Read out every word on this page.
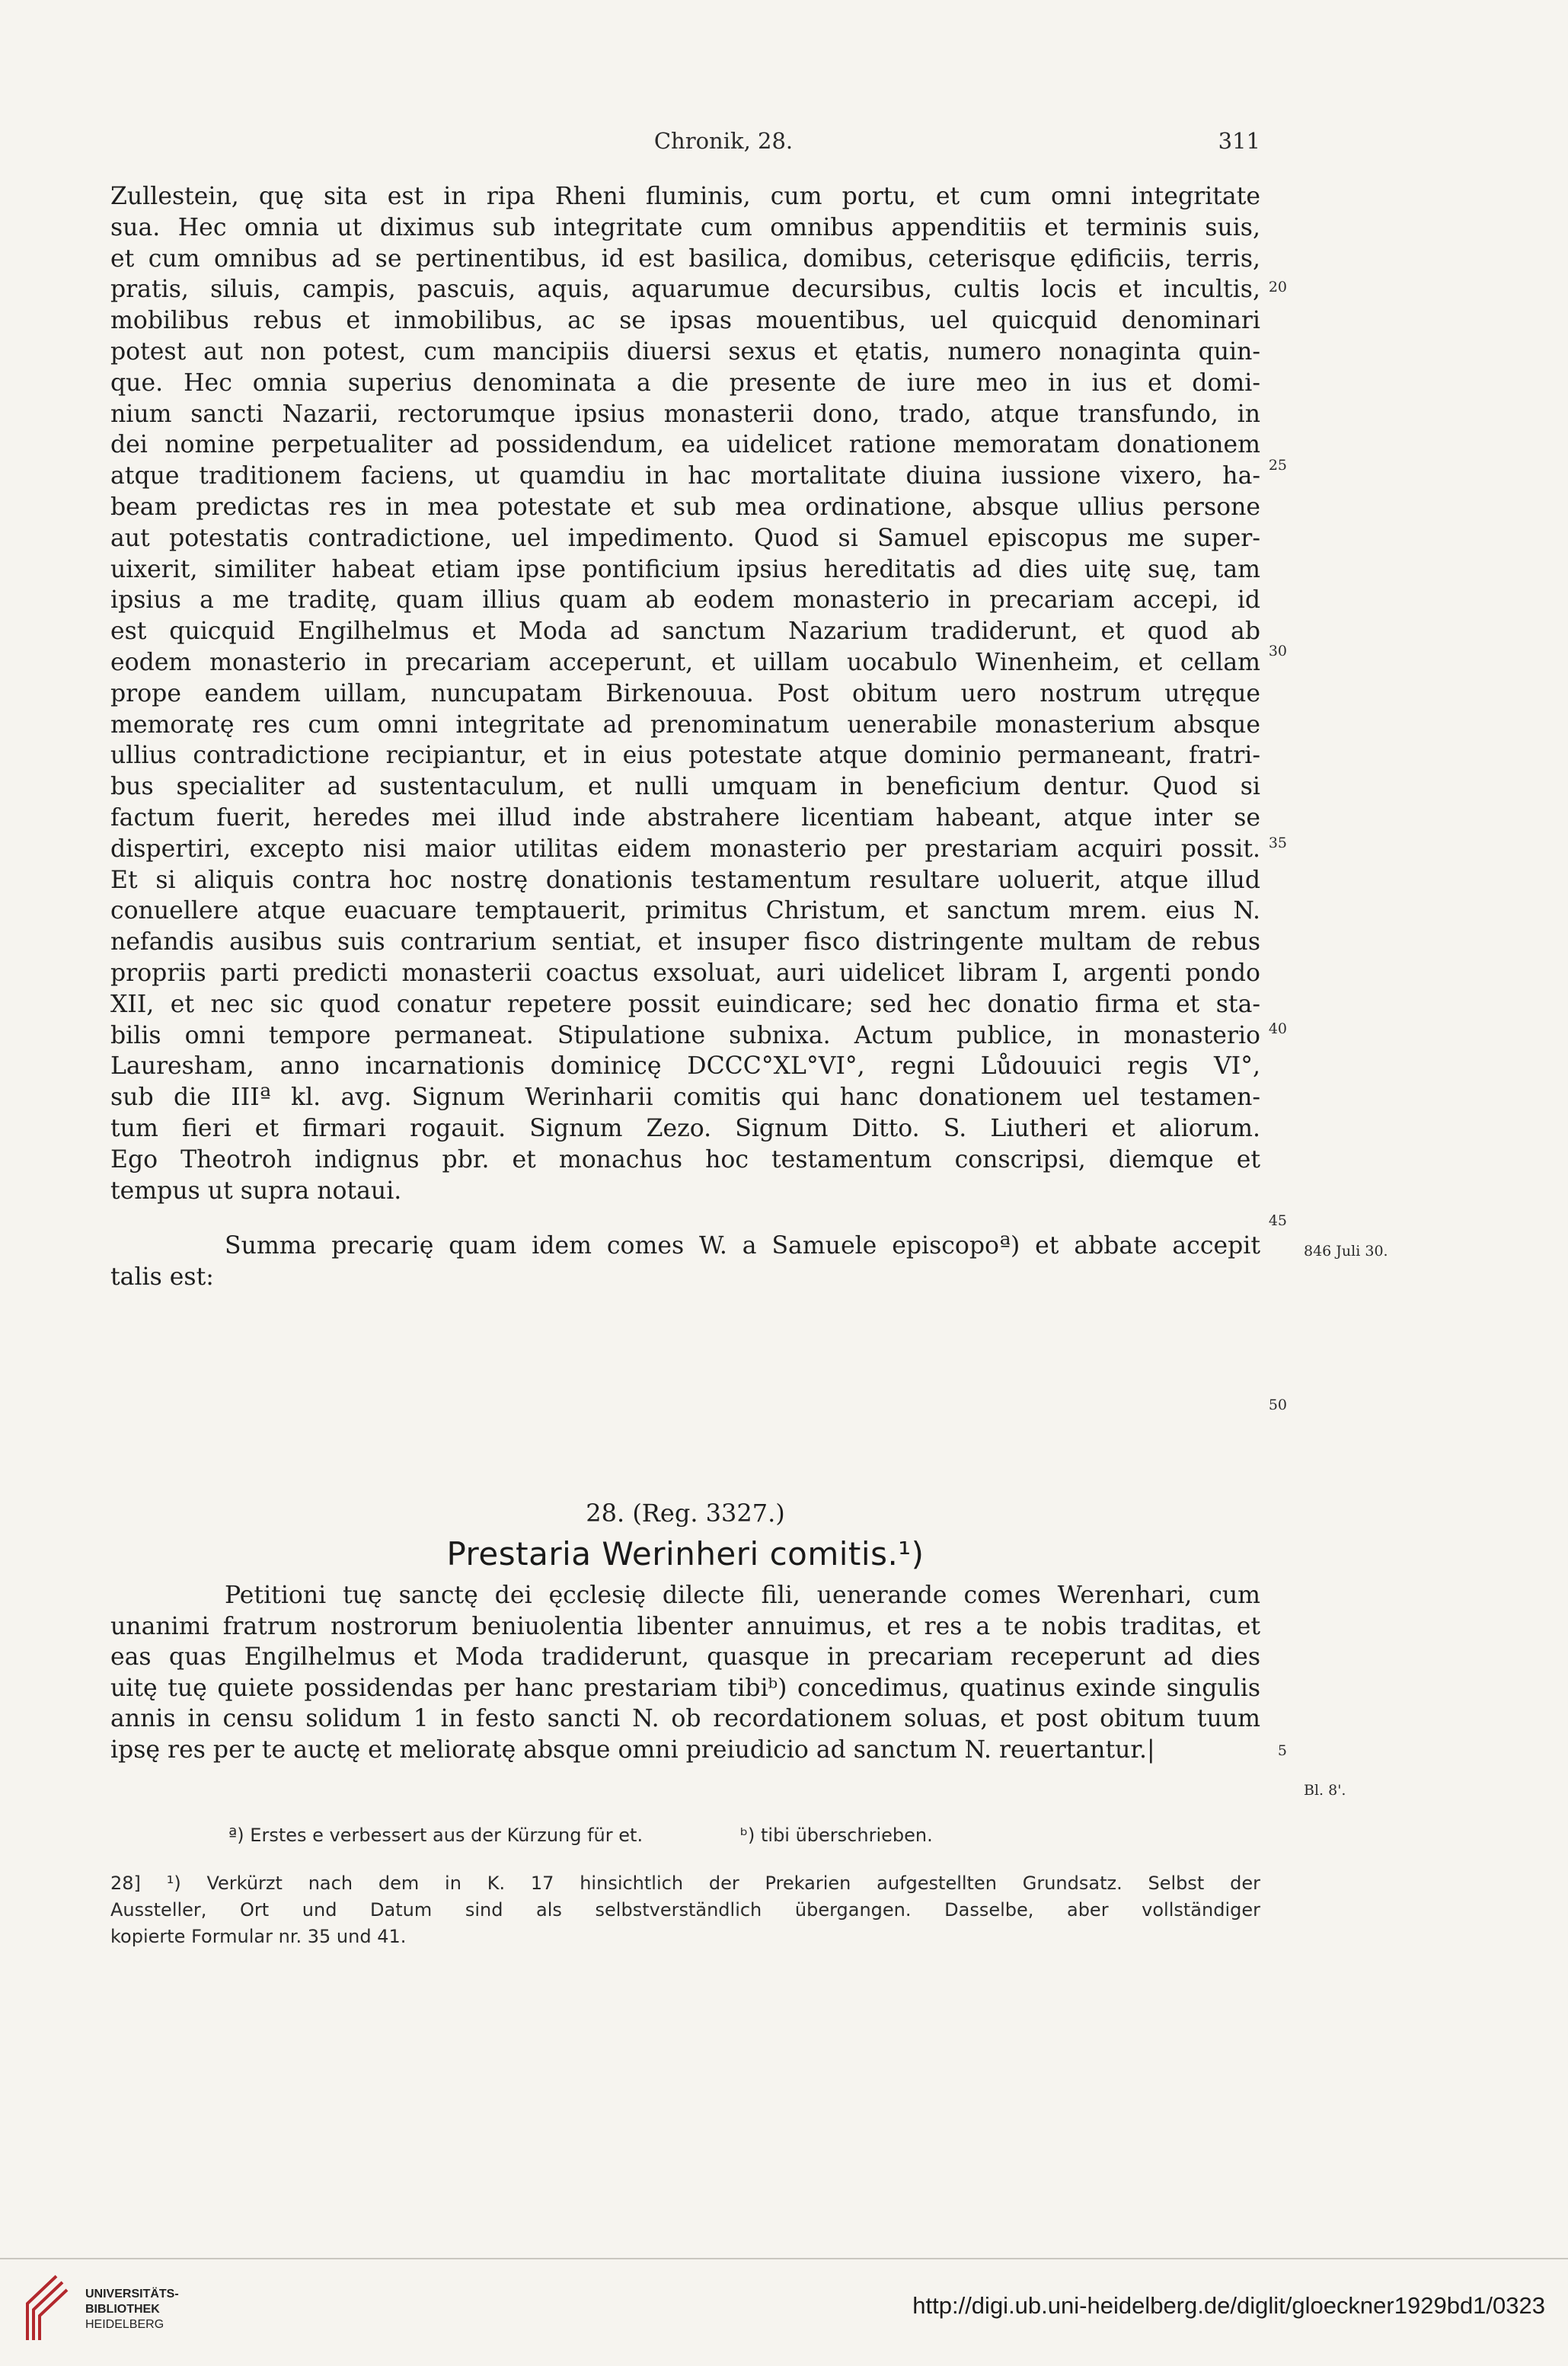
Chronik, 28.	311
Zullestein, quę sita est in ripa Rheni fluminis, cum portu, et cum omni integritate
sua. Hec omnia ut diximus sub integritate cum omnibus appenditiis et terminis suis,
et cum omnibus ad se pertinentibus, id est basilica, domibus, ceterisque ędificiis, terris,
pratis, siluis, campis, pascuis, aquis, aquarumue decursibus, cultis locis et incultis,
mobilibus rebus et inmobilibus, ac se ipsas mouentibus, uel quicquid denominari
potest aut non potest, cum mancipiis diuersi sexus et ętatis, numero nonaginta quin-
que. Hec omnia superius denominata a die presente de iure meo in ius et domi-
nium sancti Nazarii, rectorumque ipsius monasterii dono, trado, atque transfundo, in
dei nomine perpetualiter ad possidendum, ea uidelicet ratione memoratam donationem
atque traditionem faciens, ut quamdiu in hac mortalitate diuina iussione vixero, ha-
beam predictas res in mea potestate et sub mea ordinatione, absque ullius persone
aut potestatis contradictione, uel impedimento. Quod si Samuel episcopus me super-
uixerit, similiter habeat etiam ipse pontificium ipsius hereditatis ad dies uitę suę, tam
ipsius a me traditę, quam illius quam ab eodem monasterio in precariam accepi, id
est quicquid Engilhelmus et Moda ad sanctum Nazarium tradiderunt, et quod ab
eodem monasterio in precariam acceperunt, et uillam uocabulo Winenheim, et cellam
prope eandem uillam, nuncupatam Birkenouua. Post obitum uero nostrum utręque
memoratę res cum omni integritate ad prenominatum uenerabile monasterium absque
ullius contradictione recipiantur, et in eius potestate atque dominio permaneant, fratri-
bus specialiter ad sustentaculum, et nulli umquam in beneficium dentur. Quod si
factum fuerit, heredes mei illud inde abstrahere licentiam habeant, atque inter se
dispertiri, excepto nisi maior utilitas eidem monasterio per prestariam acquiri possit.
Et si aliquis contra hoc nostrę donationis testamentum resultare uoluerit, atque illud
conuellere atque euacuare temptauerit, primitus Christum, et sanctum mrem. eius N.
nefandis ausibus suis contrarium sentiat, et insuper fisco distringente multam de rebus
propriis parti predicti monasterii coactus exsoluat, auri uidelicet libram I, argenti pondo
XII, et nec sic quod conatur repetere possit euindicare; sed hec donatio firma et sta-
bilis omni tempore permaneat. Stipulatione subnixa. Actum publice, in monasterio
Lauresham, anno incarnationis dominicę DCCC°XL°VI°, regni Lůdouuici regis VI°,
sub die IIIª kl. avg. Signum Werinharii comitis qui hanc donationem uel testamen-
tum fieri et firmari rogauit. Signum Zezo. Signum Ditto. S. Liutheri et aliorum.
Ego Theotroh indignus pbr. et monachus hoc testamentum conscripsi, diemque et
tempus ut supra notaui.
Summa precarię quam idem comes W. a Samuele episcopoª) et abbate accepit
talis est:
28. (Reg. 3327.)
Prestaria Werinheri comitis.¹)
Petitioni tuę sanctę dei ęcclesię dilecte fili, uenerande comes Werenhari, cum
unanimi fratrum nostrorum beniuolentia libenter annuimus, et res a te nobis traditas, et
eas quas Engilhelmus et Moda tradiderunt, quasque in precariam receperunt ad dies
uitę tuę quiete possidendas per hanc prestariam tibiᵇ) concedimus, quatinus exinde singulis
annis in censu solidum 1 in festo sancti N. ob recordationem soluas, et post obitum tuum
ipsę res per te auctę et melioratę absque omni preiudicio ad sanctum N. reuertantur.|
20
25
30
35
40
45
50
5
846 Juli 30.
Bl. 8'.
ª) Erstes e verbessert aus der Kürzung für et.	ᵇ) tibi überschrieben.
28] ¹) Verkürzt nach dem in K. 17 hinsichtlich der Prekarien aufgestellten Grundsatz. Selbst der
Aussteller, Ort und Datum sind als selbstverständlich übergangen. Dasselbe, aber vollständiger
kopierte Formular nr. 35 und 41.
UNIVERSITÄTS-
BIBLIOTHEK
HEIDELBERG
http://digi.ub.uni-heidelberg.de/diglit/gloeckner1929bd1/0323
